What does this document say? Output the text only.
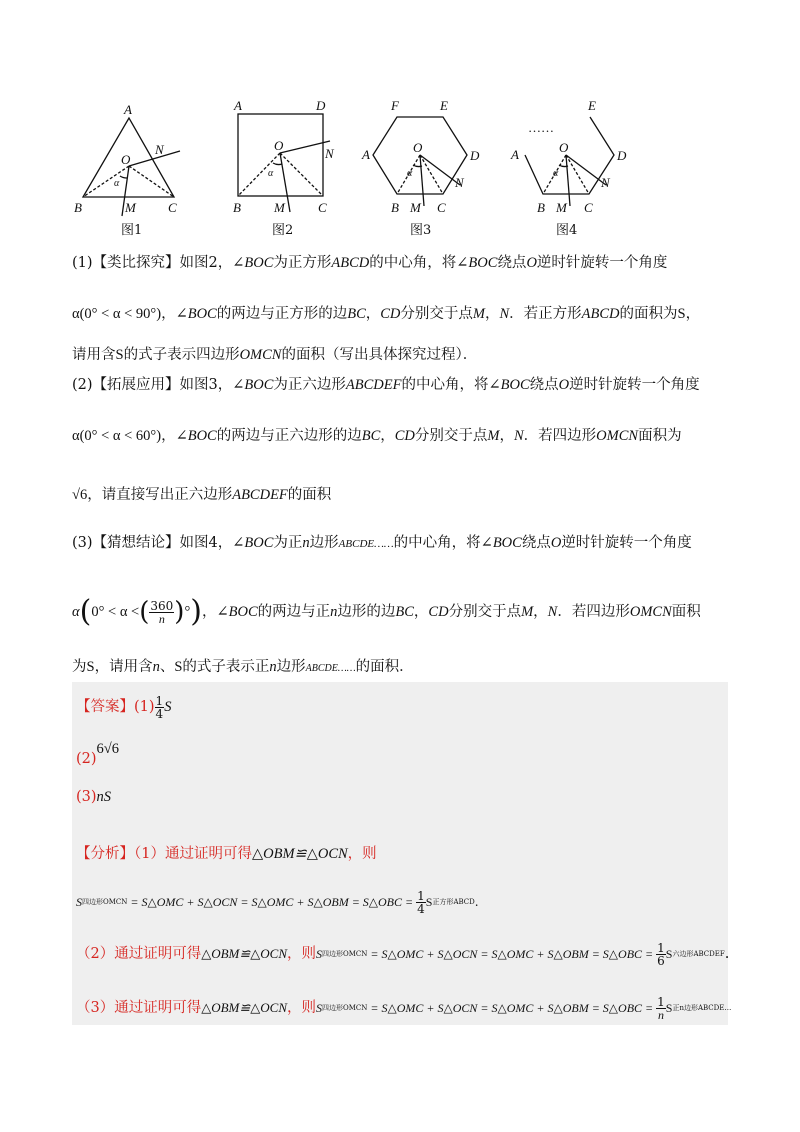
A
O
N
α
B	M C
A	D
O
N
α
B	M	C
F	E
A	O
D
N
α
B M C
……
E
A	O
D
N
α
B M C
图1	图2	图3	图4
(1)【类比探究】如图2，∠BOC为正方形ABCD的中心角，将∠BOC绕点O逆时针旋转一个角度
α(0° < α < 90°)，∠BOC的两边与正方形的边BC，CD分别交于点M，N．若正方形ABCD的面积为S，
请用含S的式子表示四边形OMCN的面积（写出具体探究过程）．
(2)【拓展应用】如图3，∠BOC为正六边形ABCDEF的中心角，将∠BOC绕点O逆时针旋转一个角度
α(0° < α < 60°)，∠BOC的两边与正六边形的边BC，CD分别交于点M，N．若四边形OMCN面积为
√6，请直接写出正六边形ABCDEF的面积
(3)【猜想结论】如图4，∠BOC为正n边形ABCDE……的中心角，将∠BOC绕点O逆时针旋转一个角度
α ( 0° < α < ( $\frac{360}{n}$ ) ° ) ， ∠BOC 的两边与正 n 边形的边 BC ， CD 分别交于点 M ， N ．若四边形 OMCN 面积
为S，请用含n、S的式子表示正n边形ABCDE……的面积．
【答案】 $(1) \frac{1}{4}$ S
(2)6√6
(3)nS
【分析】（1）通过证明可得△OBM≌△OCN，则
S 四边形OMCN = S△OMC + S△OCN = S△OMC + S△OBM = S△OBC = $\frac{1}{4}$ S 正方形ABCD .
（2）通过证明可得 △OBM≌△OCN ，则 S 四边形OMCN = S△OMC + S△OCN = S△OMC + S△OBM = S△OBC = $\frac{1}{6}$ S 六边形ABCDEF .
（3）通过证明可得 △OBM≌△OCN ，则 S 四边形OMCN = S△OMC + S△OCN = S△OMC + S△OBM = S△OBC = $\frac{1}{n}$ S 正n边形ABCDE…
